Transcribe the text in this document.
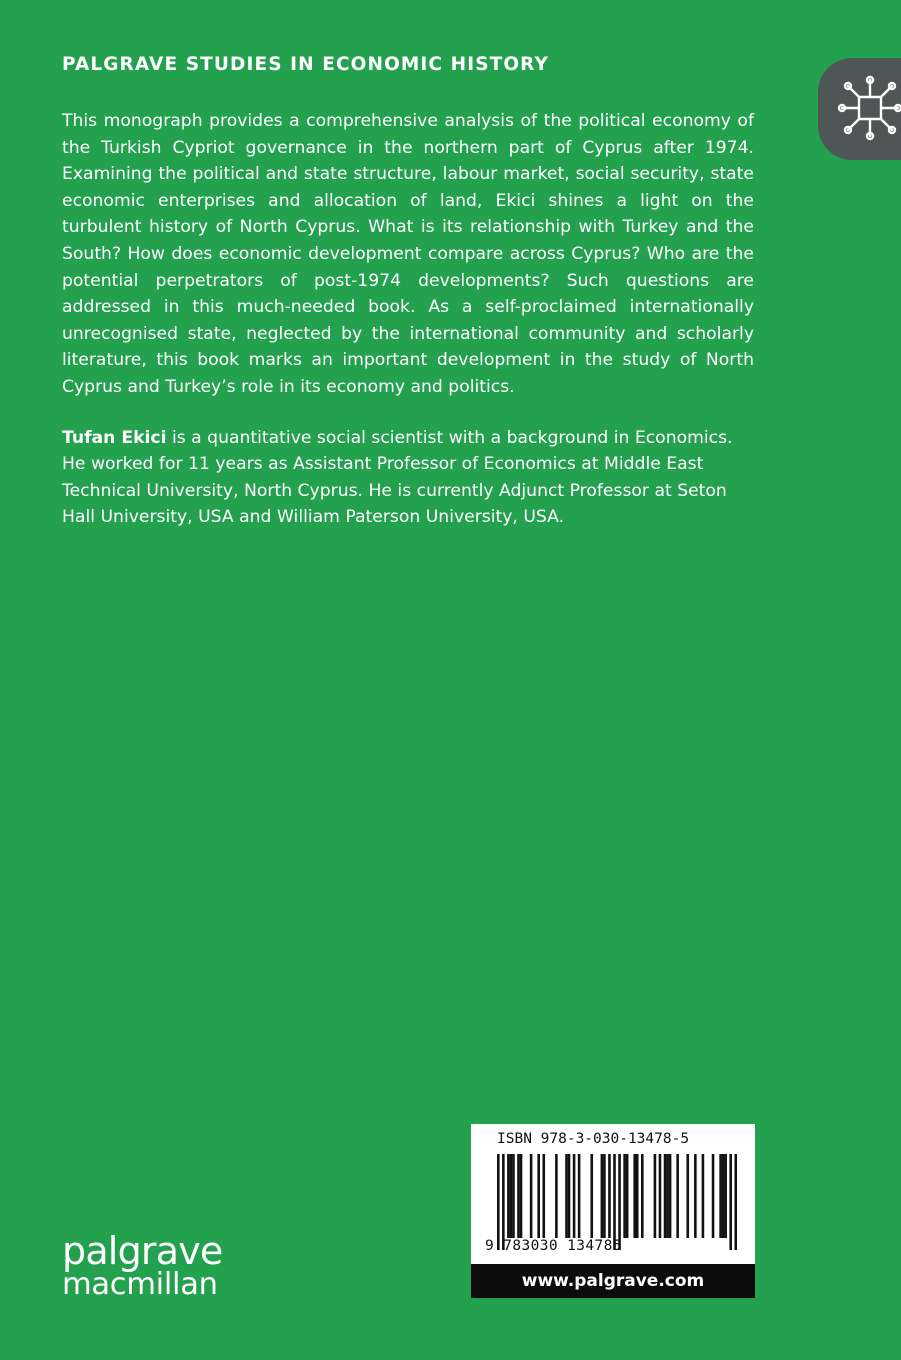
PALGRAVE STUDIES IN ECONOMIC HISTORY

This monograph provides a comprehensive analysis of the political economy of the Turkish Cypriot governance in the northern part of Cyprus after 1974. Examining the political and state structure, labour market, social security, state economic enterprises and allocation of land, Ekici shines a light on the turbulent history of North Cyprus. What is its relationship with Turkey and the South? How does economic development compare across Cyprus? Who are the potential perpetrators of post-1974 developments? Such questions are addressed in this much-needed book. As a self-proclaimed internationally unrecognised state, neglected by the international community and scholarly literature, this book marks an important development in the study of North Cyprus and Turkey’s role in its economy and politics.

Tufan Ekici is a quantitative social scientist with a background in Economics. He worked for 11 years as Assistant Professor of Economics at Middle East Technical University, North Cyprus. He is currently Adjunct Professor at Seton Hall University, USA and William Paterson University, USA.

palgrave
macmillan
ISBN 978-3-030-13478-5
9 783030 134785
www.palgrave.com
